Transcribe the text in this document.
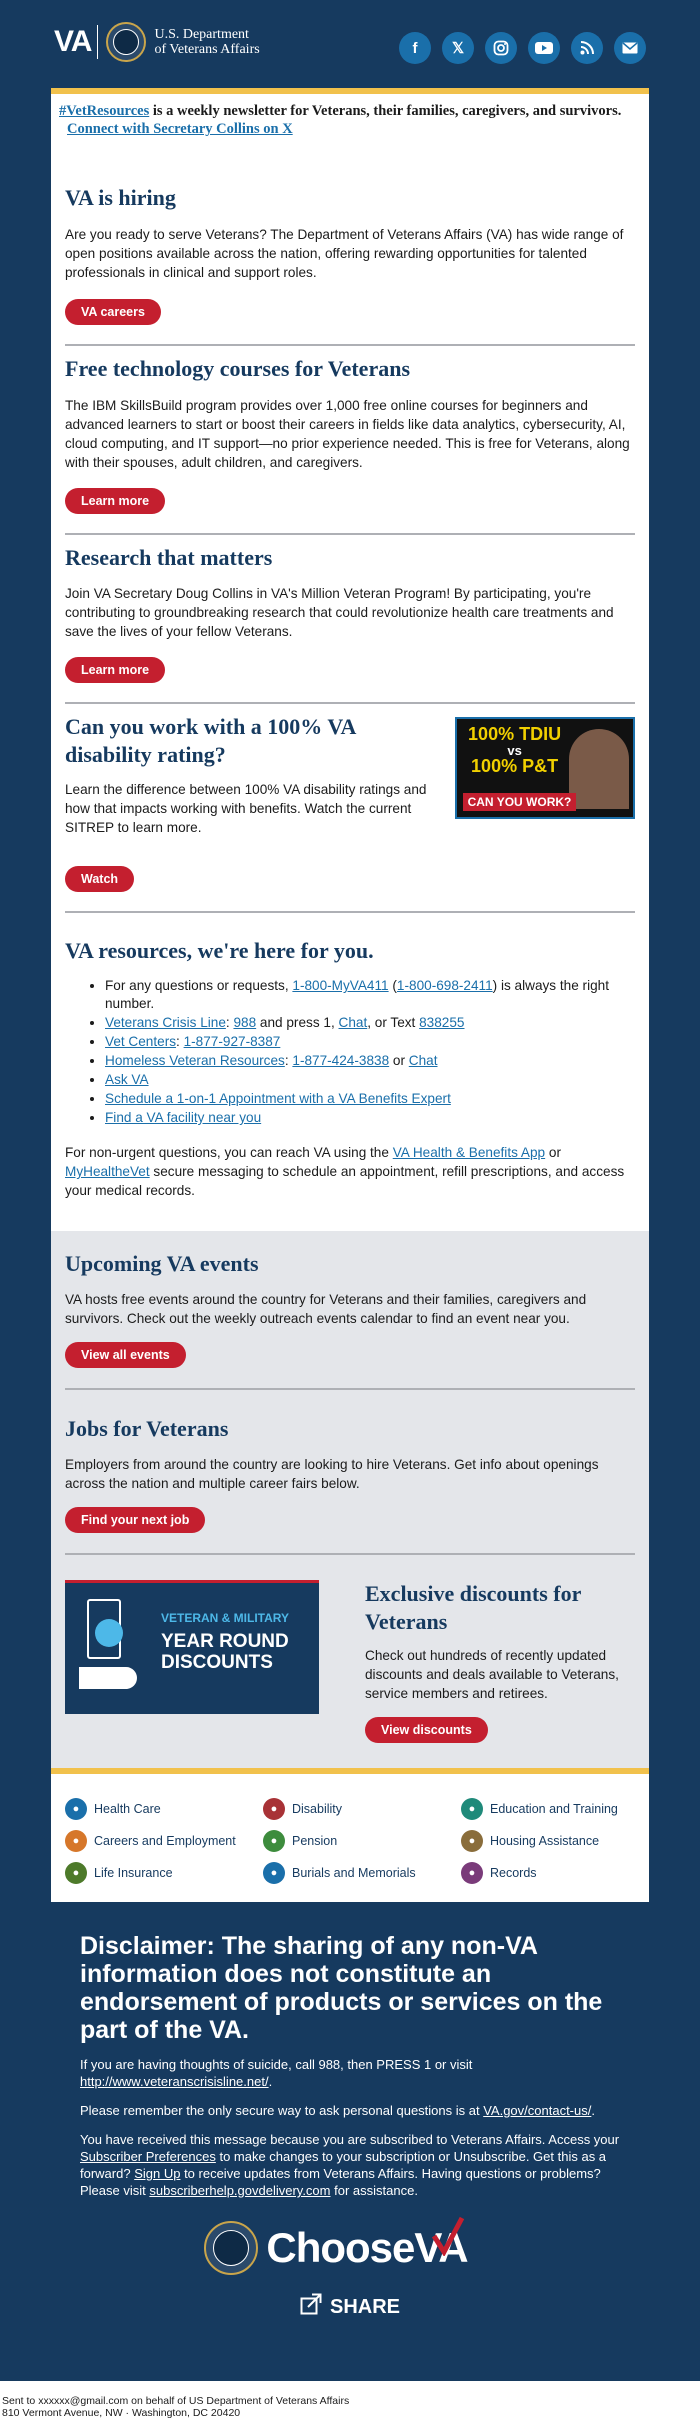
VA	U.S. Department
of Veterans Affairs	f	𝕏
#VetResources is a weekly newsletter for Veterans, their families, caregivers, and survivors.
Connect with Secretary Collins on X
VA is hiring

Are you ready to serve Veterans? The Department of Veterans Affairs (VA) has wide range of open positions available across the nation, offering rewarding opportunities for talented professionals in clinical and support roles.

VA careers
Free technology courses for Veterans

The IBM SkillsBuild program provides over 1,000 free online courses for beginners and advanced learners to start or boost their careers in fields like data analytics, cybersecurity, AI, cloud computing, and IT support—no prior experience needed. This is free for Veterans, along with their spouses, adult children, and caregivers.

Learn more
Research that matters

Join VA Secretary Doug Collins in VA's Million Veteran Program! By participating, you're contributing to groundbreaking research that could revolutionize health care treatments and save the lives of your fellow Veterans.

Learn more
Can you work with a 100% VA disability rating?

Learn the difference between 100% VA disability ratings and how that impacts working with benefits. Watch the current SITREP to learn more.

Watch
100% TDIU
vs
100% P&T
CAN YOU WORK?
VA resources, we're here for you.
• For any questions or requests, 1-800-MyVA411 (1-800-698-2411) is always the right number.
• Veterans Crisis Line: 988 and press 1, Chat, or Text 838255
• Vet Centers: 1-877-927-8387
• Homeless Veteran Resources: 1-877-424-3838 or Chat
• Ask VA
• Schedule a 1-on-1 Appointment with a VA Benefits Expert
• Find a VA facility near you

For non-urgent questions, you can reach VA using the VA Health & Benefits App or MyHealtheVet secure messaging to schedule an appointment, refill prescriptions, and access your medical records.

Upcoming VA events

VA hosts free events around the country for Veterans and their families, caregivers and survivors. Check out the weekly outreach events calendar to find an event near you.

View all events
Jobs for Veterans

Employers from around the country are looking to hire Veterans. Get info about openings across the nation and multiple career fairs below.

Find your next job
VETERAN & MILITARY
YEAR ROUND
DISCOUNTS
Exclusive discounts for Veterans

Check out hundreds of recently updated discounts and deals available to Veterans, service members and retirees.

View discounts
●	Health Care	●	Disability	●	Education and Training
●	Careers and Employment	●	Pension	●	Housing Assistance
●	Life Insurance	●	Burials and Memorials	●	Records
Disclaimer: The sharing of any non-VA information does not constitute an endorsement of products or services on the part of the VA.

If you are having thoughts of suicide, call 988, then PRESS 1 or visit
http://www.veteranscrisisline.net/.

Please remember the only secure way to ask personal questions is at VA.gov/contact-us/.

You have received this message because you are subscribed to Veterans Affairs. Access your Subscriber Preferences to make changes to your subscription or Unsubscribe. Get this as a forward? Sign Up to receive updates from Veterans Affairs. Having questions or problems? Please visit subscriberhelp.govdelivery.com for assistance.

ChooseVA
SHARE
Sent to xxxxxx@gmail.com on behalf of US Department of Veterans Affairs
810 Vermont Avenue, NW · Washington, DC 20420
